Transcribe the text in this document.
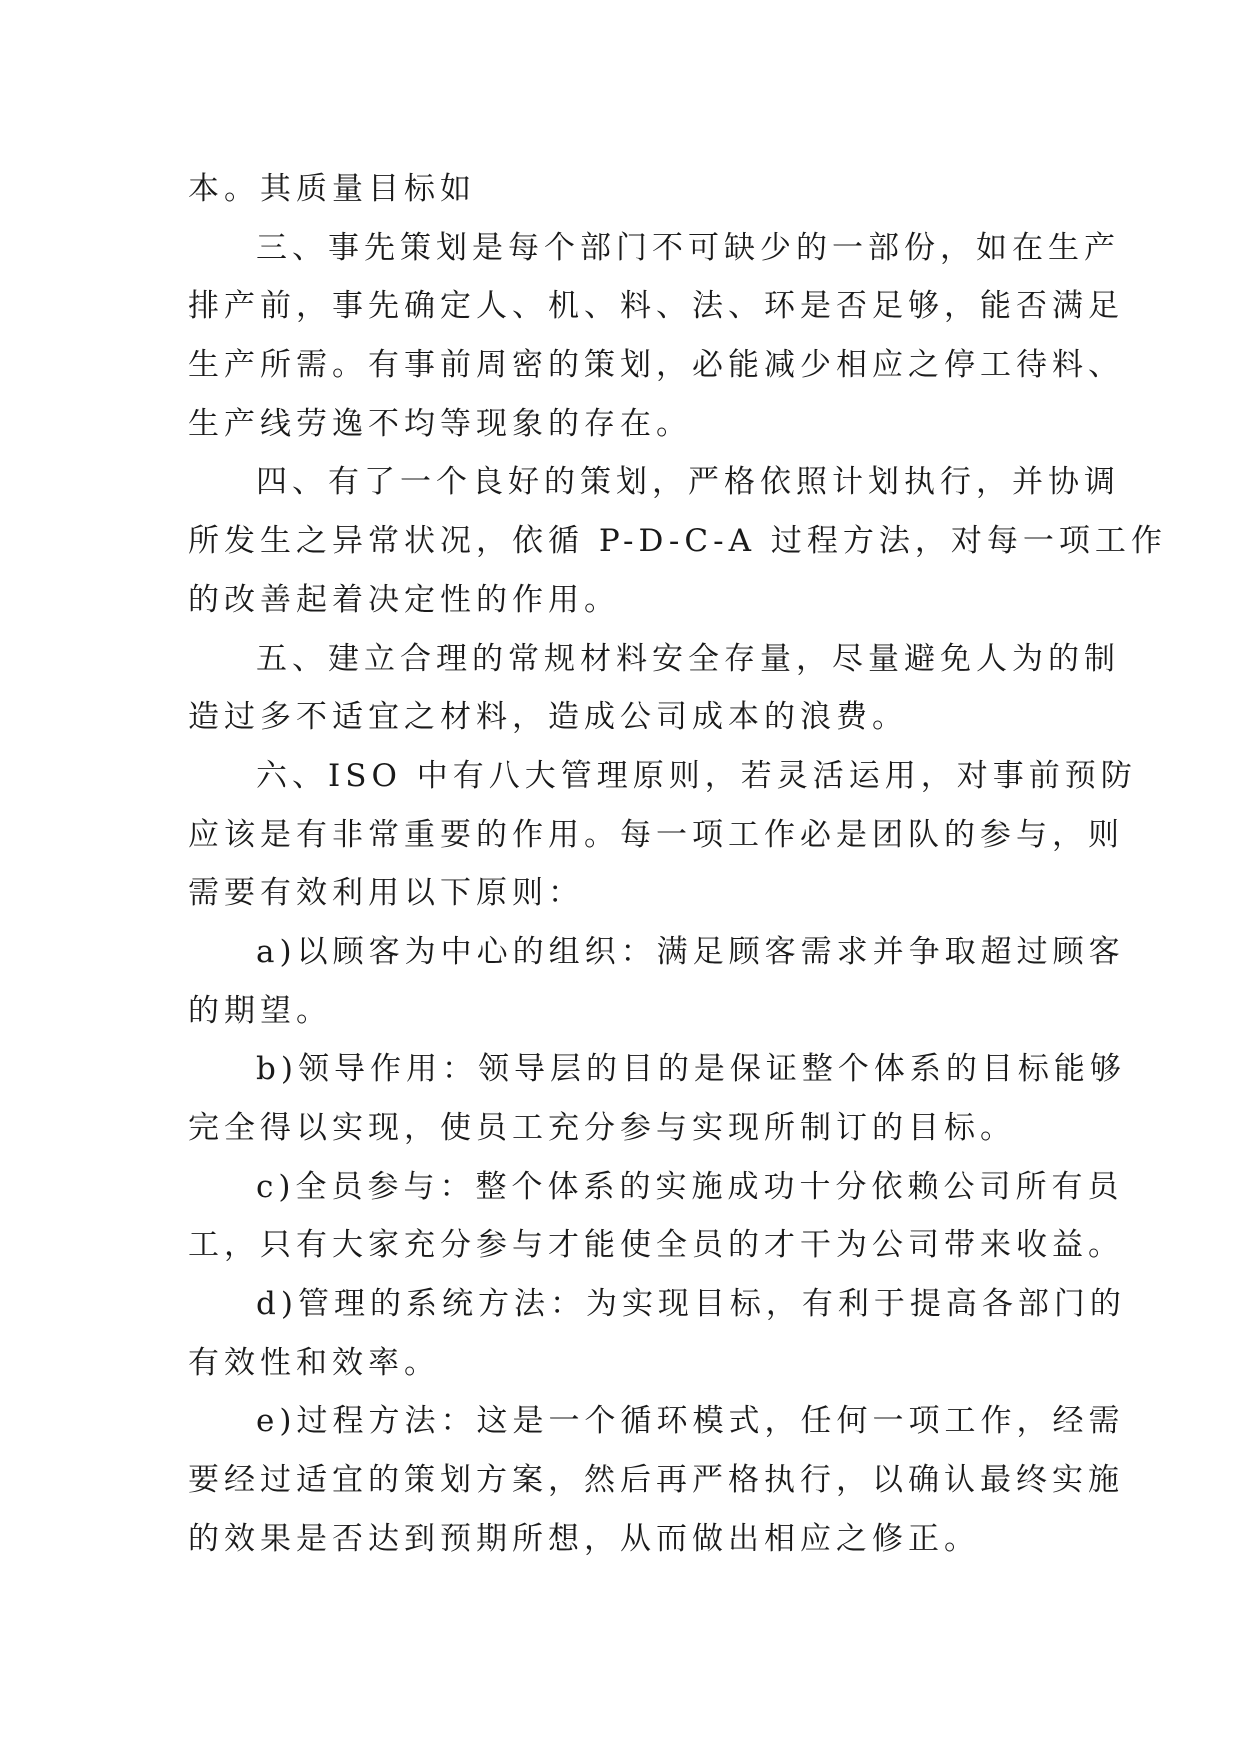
本。其质量目标如
三、事先策划是每个部门不可缺少的一部份，如在生产
排产前，事先确定人、机、料、法、环是否足够，能否满足
生产所需。有事前周密的策划，必能减少相应之停工待料、
生产线劳逸不均等现象的存在。
四、有了一个良好的策划，严格依照计划执行，并协调
所发生之异常状况，依循 P-D-C-A 过程方法，对每一项工作
的改善起着决定性的作用。
五、建立合理的常规材料安全存量，尽量避免人为的制
造过多不适宜之材料，造成公司成本的浪费。
六、ISO 中有八大管理原则，若灵活运用，对事前预防
应该是有非常重要的作用。每一项工作必是团队的参与，则
需要有效利用以下原则：
a)以顾客为中心的组织：满足顾客需求并争取超过顾客
的期望。
b)领导作用：领导层的目的是保证整个体系的目标能够
完全得以实现，使员工充分参与实现所制订的目标。
c)全员参与：整个体系的实施成功十分依赖公司所有员
工，只有大家充分参与才能使全员的才干为公司带来收益。
d)管理的系统方法：为实现目标，有利于提高各部门的
有效性和效率。
e)过程方法：这是一个循环模式，任何一项工作，经需
要经过适宜的策划方案，然后再严格执行，以确认最终实施
的效果是否达到预期所想，从而做出相应之修正。
